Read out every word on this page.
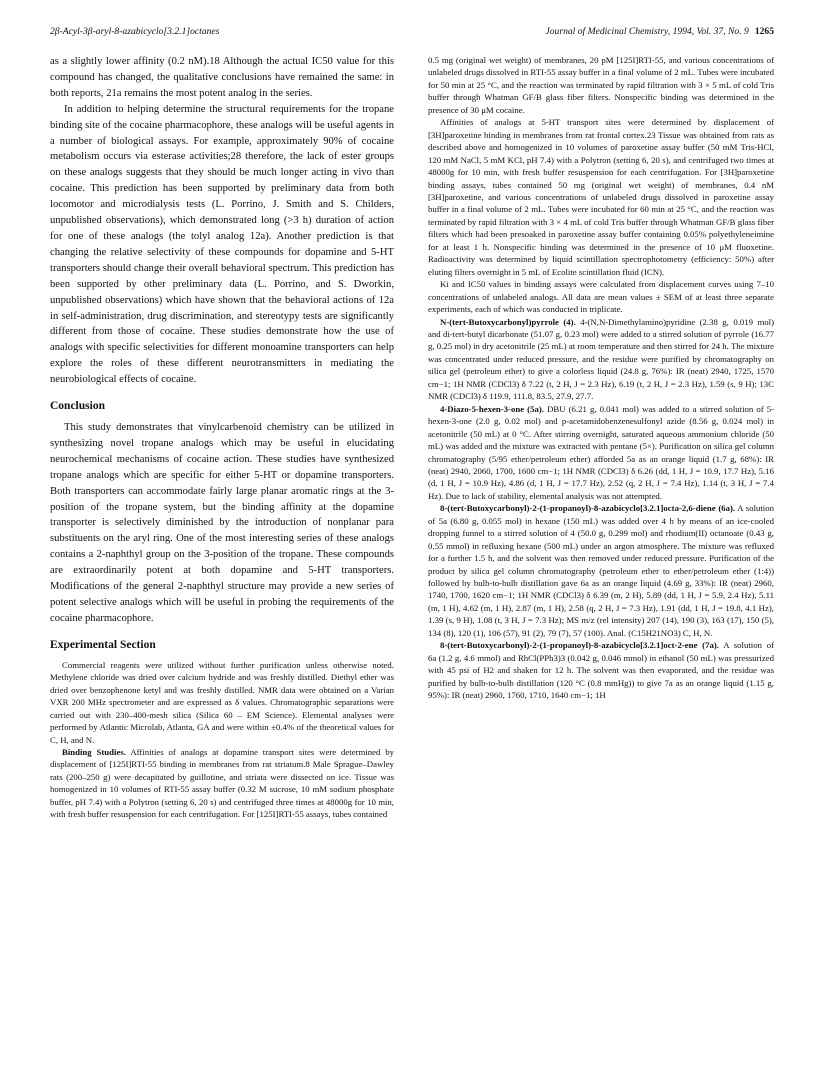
2β-Acyl-3β-aryl-8-azabicyclo[3.2.1]octanes	Journal of Medicinal Chemistry, 1994, Vol. 37, No. 9 1265

as a slightly lower affinity (0.2 nM).18 Although the actual IC50 value for this compound has changed, the qualitative conclusions have remained the same: in both reports, 21a remains the most potent analog in the series.

In addition to helping determine the structural requirements for the tropane binding site of the cocaine pharmacophore, these analogs will be useful agents in a number of biological assays. For example, approximately 90% of cocaine metabolism occurs via esterase activities;28 therefore, the lack of ester groups on these analogs suggests that they should be much longer acting in vivo than cocaine. This prediction has been supported by preliminary data from both locomotor and microdialysis tests (L. Porrino, J. Smith and S. Childers, unpublished observations), which demonstrated long (>3 h) duration of action for one of these analogs (the tolyl analog 12a). Another prediction is that changing the relative selectivity of these compounds for dopamine and 5-HT transporters should change their overall behavioral spectrum. This prediction has been supported by other preliminary data (L. Porrino, and S. Dworkin, unpublished observations) which have shown that the behavioral actions of 12a in self-administration, drug discrimination, and stereotypy tests are significantly different from those of cocaine. These studies demonstrate how the use of analogs with specific selectivities for different monoamine transporters can help explore the roles of these different neurotransmitters in mediating the neurobiological effects of cocaine.

Conclusion

This study demonstrates that vinylcarbenoid chemistry can be utilized in synthesizing novel tropane analogs which may be useful in elucidating neurochemical mechanisms of cocaine action. These studies have synthesized tropane analogs which are specific for either 5-HT or dopamine transporters. Both transporters can accommodate fairly large planar aromatic rings at the 3-position of the tropane system, but the binding affinity at the dopamine transporter is selectively diminished by the introduction of nonplanar para substituents on the aryl ring. One of the most interesting series of these analogs contains a 2-naphthyl group on the 3-position of the tropane. These compounds are extraordinarily potent at both dopamine and 5-HT transporters. Modifications of the general 2-naphthyl structure may provide a new series of potent selective analogs which will be useful in probing the requirements of the cocaine pharmacophore.

Experimental Section

Commercial reagents were utilized without further purification unless otherwise noted. Methylene chloride was dried over calcium hydride and was freshly distilled. Diethyl ether was dried over benzophenone ketyl and was freshly distilled. NMR data were obtained on a Varian VXR 200 MHz spectrometer and are expressed as δ values. Chromatographic separations were carried out with 230–400-mesh silica (Silica 60 – EM Science). Elemental analyses were performed by Atlantic Microlab, Atlanta, GA and were within ±0.4% of the theoretical values for C, H, and N.

Binding Studies. Affinities of analogs at dopamine transport sites were determined by displacement of [125I]RTI-55 binding in membranes from rat striatum.8 Male Sprague–Dawley rats (200–250 g) were decapitated by guillotine, and striata were dissected on ice. Tissue was homogenized in 10 volumes of RTI-55 assay buffer (0.32 M sucrose, 10 mM sodium phosphate buffer, pH 7.4) with a Polytron (setting 6, 20 s) and centrifuged three times at 48000g for 10 min, with fresh buffer resuspension for each centrifugation. For [125I]RTI-55 assays, tubes contained

0.5 mg (original wet weight) of membranes, 20 pM [125I]RTI-55, and various concentrations of unlabeled drugs dissolved in RTI-55 assay buffer in a final volume of 2 mL. Tubes were incubated for 50 min at 25 °C, and the reaction was terminated by rapid filtration with 3 × 5 mL of cold Tris buffer through Whatman GF/B glass fiber filters. Nonspecific binding was determined in the presence of 30 μM cocaine.

Affinities of analogs at 5-HT transport sites were determined by displacement of [3H]paroxetine binding in membranes from rat frontal cortex.23 Tissue was obtained from rats as described above and homogenized in 10 volumes of paroxetine assay buffer (50 mM Tris-HCl, 120 mM NaCl, 5 mM KCl, pH 7.4) with a Polytron (setting 6, 20 s), and centrifuged two times at 48000g for 10 min, with fresh buffer resuspension for each centrifugation. For [3H]paroxetine binding assays, tubes contained 50 mg (original wet weight) of membranes, 0.4 nM [3H]paroxetine, and various concentrations of unlabeled drugs dissolved in paroxetine assay buffer in a final volume of 2 mL. Tubes were incubated for 60 min at 25 °C, and the reaction was terminated by rapid filtration with 3 × 4 mL of cold Tris buffer through Whatman GF/B glass fiber filters which had been presoaked in paroxetine assay buffer containing 0.05% polyethyleneimine for at least 1 h. Nonspecific binding was determined in the presence of 10 μM fluoxetine. Radioactivity was determined by liquid scintillation spectrophotometry (efficiency: 50%) after eluting filters overnight in 5 mL of Ecolite scintillation fluid (ICN).

Ki and IC50 values in binding assays were calculated from displacement curves using 7–10 concentrations of unlabeled analogs. All data are mean values ± SEM of at least three separate experiments, each of which was conducted in triplicate.

N-(tert-Butoxycarbonyl)pyrrole (4). 4-(N,N-Dimethylamino)pyridine (2.38 g, 0.019 mol) and di-tert-butyl dicarbonate (51.07 g, 0.23 mol) were added to a stirred solution of pyrrole (16.77 g, 0.25 mol) in dry acetonitrile (25 mL) at room temperature and then stirred for 24 h. The mixture was concentrated under reduced pressure, and the residue were purified by chromatography on silica gel (petroleum ether) to give a colorless liquid (24.8 g, 76%): IR (neat) 2940, 1725, 1570 cm−1; 1H NMR (CDCl3) δ 7.22 (t, 2 H, J = 2.3 Hz), 6.19 (t, 2 H, J = 2.3 Hz), 1.59 (s, 9 H); 13C NMR (CDCl3) δ 119.9, 111.8, 83.5, 27.9, 27.7.

4-Diazo-5-hexen-3-one (5a). DBU (6.21 g, 0.041 mol) was added to a stirred solution of 5-hexen-3-one (2.0 g, 0.02 mol) and p-acetamidobenzenesulfonyl azide (8.56 g, 0.024 mol) in acetonitrile (50 mL) at 0 °C. After stirring overnight, saturated aqueous ammonium chloride (50 mL) was added and the mixture was extracted with pentane (5×). Purification on silica gel column chromatography (5/95 ether/petroleum ether) afforded 5a as an orange liquid (1.7 g, 68%): IR (neat) 2940, 2060, 1700, 1600 cm−1; 1H NMR (CDCl3) δ 6.26 (dd, 1 H, J = 10.9, 17.7 Hz), 5.16 (d, 1 H, J = 10.9 Hz), 4.86 (d, 1 H, J = 17.7 Hz), 2.52 (q, 2 H, J = 7.4 Hz), 1.14 (t, 3 H, J = 7.4 Hz). Due to lack of stability, elemental analysis was not attempted.

8-(tert-Butoxycarbonyl)-2-(1-propanoyl)-8-azabicyclo[3.2.1]octa-2,6-diene (6a). A solution of 5a (6.80 g, 0.055 mol) in hexane (150 mL) was added over 4 h by means of an ice-cooled dropping funnel to a stirred solution of 4 (50.0 g, 0.299 mol) and rhodium(II) octanoate (0.43 g, 0.55 mmol) in refluxing hexane (500 mL) under an argon atmosphere. The mixture was refluxed for a further 1.5 h, and the solvent was then removed under reduced pressure. Purification of the product by silica gel column chromatography (petroleum ether to ether/petroleum ether (1:4)) followed by bulb-to-bulb distillation gave 6a as an orange liquid (4.69 g, 33%): IR (neat) 2960, 1740, 1700, 1620 cm−1; 1H NMR (CDCl3) δ 6.39 (m, 2 H), 5.89 (dd, 1 H, J = 5.9, 2.4 Hz), 5.11 (m, 1 H), 4.62 (m, 1 H), 2.87 (m, 1 H), 2.58 (q, 2 H, J = 7.3 Hz), 1.91 (dd, 1 H, J = 19.8, 4.1 Hz), 1.39 (s, 9 H), 1.08 (t, 3 H, J = 7.3 Hz); MS m/z (rel intensity) 207 (14), 190 (3), 163 (17), 150 (5), 134 (8), 120 (1), 106 (57), 91 (2), 79 (7), 57 (100). Anal. (C15H21NO3) C, H, N.

8-(tert-Butoxycarbonyl)-2-(1-propanoyl)-8-azabicyclo[3.2.1]oct-2-ene (7a). A solution of 6a (1.2 g, 4.6 mmol) and RhCl(PPh3)3 (0.042 g, 0.046 mmol) in ethanol (50 mL) was pressurized with 45 psi of H2 and shaken for 12 h. The solvent was then evaporated, and the residue was purified by bulb-to-bulb distillation (120 °C (0.8 mmHg)) to give 7a as an orange liquid (1.15 g, 95%): IR (neat) 2960, 1760, 1710, 1640 cm−1; 1H
